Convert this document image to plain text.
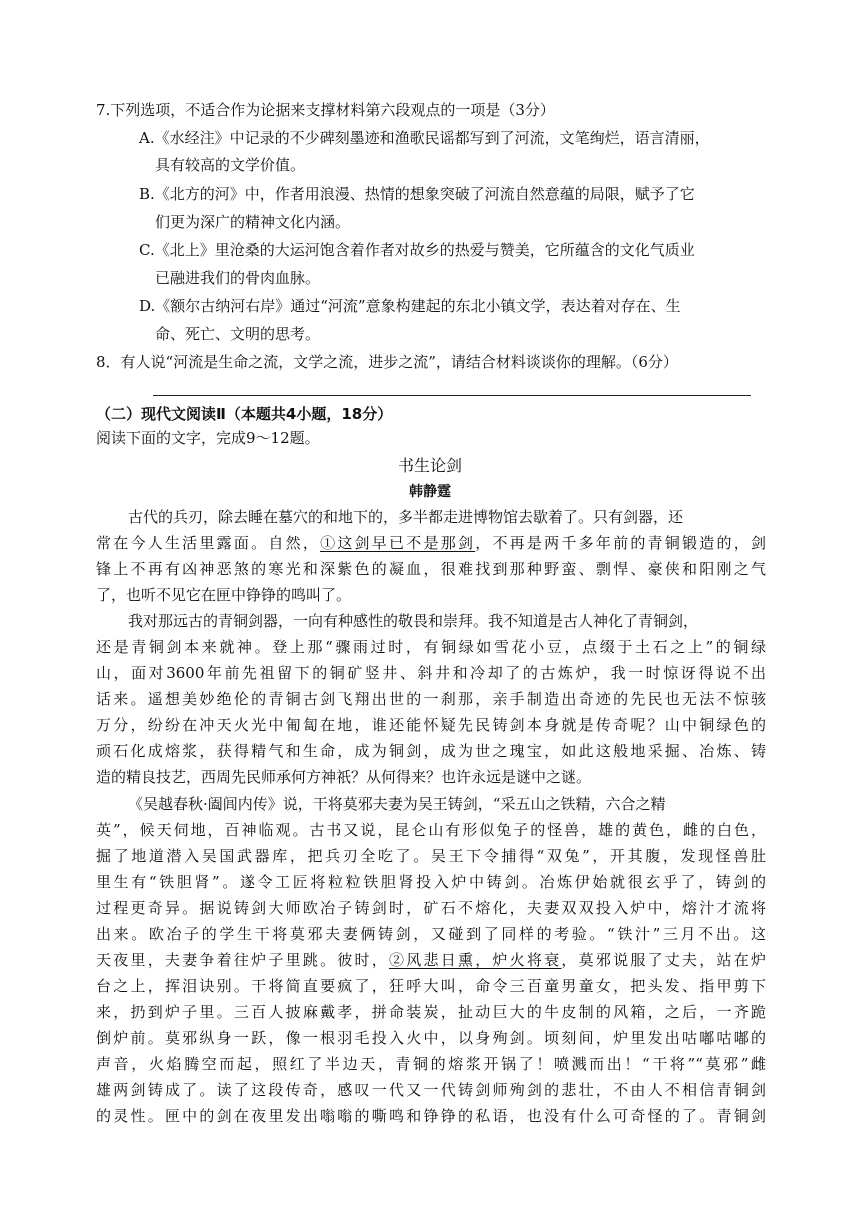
7.下列选项，不适合作为论据来支撑材料第六段观点的一项是（3分）
A.《水经注》中记录的不少碑刻墨迹和渔歌民谣都写到了河流，文笔绚烂，语言清丽，
具有较高的文学价值。
B.《北方的河》中，作者用浪漫、热情的想象突破了河流自然意蕴的局限，赋予了它
们更为深广的精神文化内涵。
C.《北上》里沧桑的大运河饱含着作者对故乡的热爱与赞美，它所蕴含的文化气质业
已融进我们的骨肉血脉。
D.《额尔古纳河右岸》通过“河流”意象构建起的东北小镇文学，表达着对存在、生
命、死亡、文明的思考。
8．有人说“河流是生命之流，文学之流，进步之流”，请结合材料谈谈你的理解。（6分）
（二）现代文阅读Ⅱ（本题共4小题，18分）
阅读下面的文字，完成9～12题。
书生论剑
韩静霆
古代的兵刃，除去睡在墓穴的和地下的，多半都走进博物馆去歇着了。只有剑器，还
常在今人生活里露面。自然，①这剑早已不是那剑，不再是两千多年前的青铜锻造的，剑
锋上不再有凶神恶煞的寒光和深紫色的凝血，很难找到那种野蛮、剽悍、豪侠和阳刚之气
了，也听不见它在匣中铮铮的鸣叫了。
我对那远古的青铜剑器，一向有种感性的敬畏和崇拜。我不知道是古人神化了青铜剑，
还是青铜剑本来就神。登上那“骤雨过时，有铜绿如雪花小豆，点缀于土石之上”的铜绿
山，面对3600年前先祖留下的铜矿竖井、斜井和冷却了的古炼炉，我一时惊讶得说不出
话来。遥想美妙绝伦的青铜古剑飞翔出世的一刹那，亲手制造出奇迹的先民也无法不惊骇
万分，纷纷在冲天火光中匍匐在地，谁还能怀疑先民铸剑本身就是传奇呢？山中铜绿色的
顽石化成熔浆，获得精气和生命，成为铜剑，成为世之瑰宝，如此这般地采掘、冶炼、铸
造的精良技艺，西周先民师承何方神祇？从何得来？也许永远是谜中之谜。
《吴越春秋·阖闾内传》说，干将莫邪夫妻为吴王铸剑，“采五山之铁精，六合之精
英”，候天伺地，百神临观。古书又说，昆仑山有形似兔子的怪兽，雄的黄色，雌的白色，
掘了地道潜入吴国武器库，把兵刃全吃了。吴王下令捕得“双兔”，开其腹，发现怪兽肚
里生有“铁胆肾”。遂令工匠将粒粒铁胆肾投入炉中铸剑。冶炼伊始就很玄乎了，铸剑的
过程更奇异。据说铸剑大师欧冶子铸剑时，矿石不熔化，夫妻双双投入炉中，熔汁才流将
出来。欧冶子的学生干将莫邪夫妻俩铸剑，又碰到了同样的考验。“铁汁”三月不出。这
天夜里，夫妻争着往炉子里跳。彼时，②风悲日熏，炉火将衰，莫邪说服了丈夫，站在炉
台之上，挥泪诀别。干将简直要疯了，狂呼大叫，命令三百童男童女，把头发、指甲剪下
来，扔到炉子里。三百人披麻戴孝，拼命装炭，扯动巨大的牛皮制的风箱，之后，一齐跪
倒炉前。莫邪纵身一跃，像一根羽毛投入火中，以身殉剑。顷刻间，炉里发出咕嘟咕嘟的
声音，火焰腾空而起，照红了半边天，青铜的熔浆开锅了！喷溅而出！“干将”“莫邪”雌
雄两剑铸成了。读了这段传奇，感叹一代又一代铸剑师殉剑的悲壮，不由人不相信青铜剑
的灵性。匣中的剑在夜里发出嗡嗡的嘶鸣和铮铮的私语，也没有什么可奇怪的了。青铜剑
